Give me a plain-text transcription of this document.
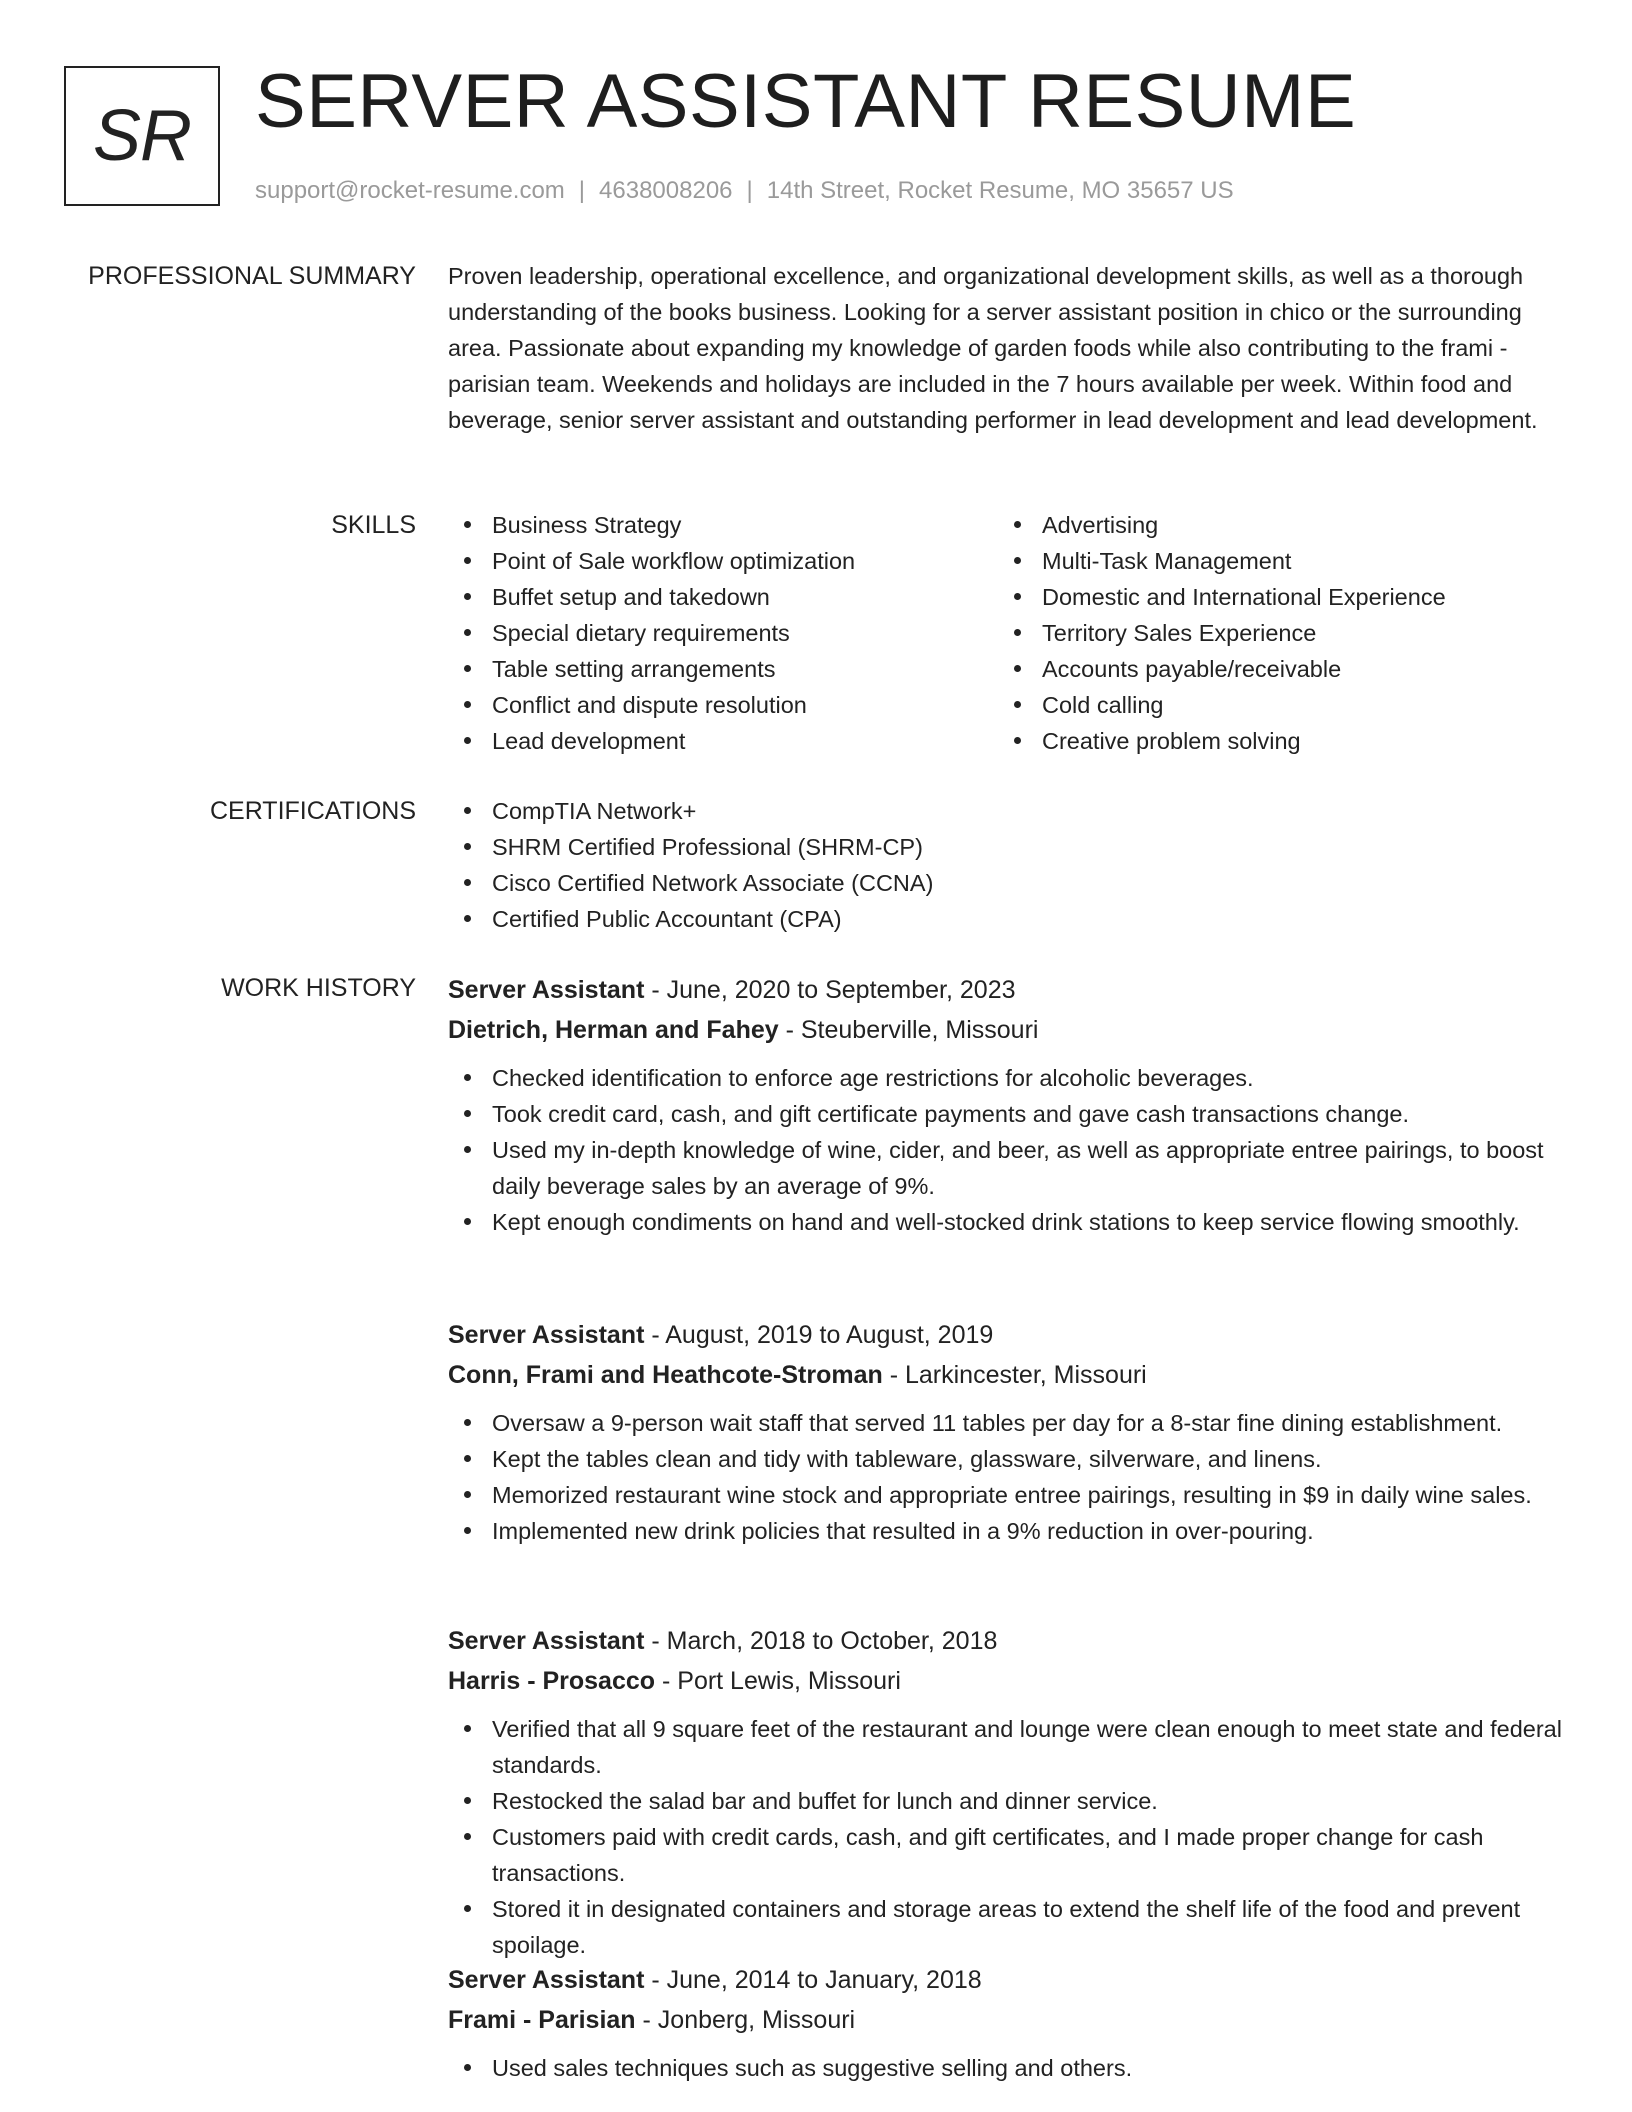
SR SERVER ASSISTANT RESUME
support@rocket-resume.com | 4638008206 | 14th Street, Rocket Resume, MO 35657 US
PROFESSIONAL SUMMARY Proven leadership, operational excellence, and organizational development skills, as well as a thorough understanding of the books business. Looking for a server assistant position in chico or the surrounding area. Passionate about expanding my knowledge of garden foods while also contributing to the frami - parisian team. Weekends and holidays are included in the 7 hours available per week. Within food and beverage, senior server assistant and outstanding performer in lead development and lead development.

SKILLS	Business Strategy
Point of Sale workflow optimization
Buffet setup and takedown
Special dietary requirements
Table setting arrangements
Conflict and dispute resolution
Lead development
Advertising
Multi-Task Management
Domestic and International Experience
Territory Sales Experience
Accounts payable/receivable
Cold calling
Creative problem solving
CERTIFICATIONS	CompTIA Network+
SHRM Certified Professional (SHRM-CP)
Cisco Certified Network Associate (CCNA)
Certified Public Accountant (CPA)
WORK HISTORY Server Assistant - June, 2020 to September, 2023
Dietrich, Herman and Fahey - Steuberville, Missouri
Checked identification to enforce age restrictions for alcoholic beverages.
Took credit card, cash, and gift certificate payments and gave cash transactions change.
Used my in-depth knowledge of wine, cider, and beer, as well as appropriate entree pairings, to boost daily beverage sales by an average of 9%.
Kept enough condiments on hand and well-stocked drink stations to keep service flowing smoothly.
Server Assistant - August, 2019 to August, 2019
Conn, Frami and Heathcote-Stroman - Larkincester, Missouri
Oversaw a 9-person wait staff that served 11 tables per day for a 8-star fine dining establishment.
Kept the tables clean and tidy with tableware, glassware, silverware, and linens.
Memorized restaurant wine stock and appropriate entree pairings, resulting in $9 in daily wine sales.
Implemented new drink policies that resulted in a 9% reduction in over-pouring.
Server Assistant - March, 2018 to October, 2018
Harris - Prosacco - Port Lewis, Missouri
Verified that all 9 square feet of the restaurant and lounge were clean enough to meet state and federal standards.
Restocked the salad bar and buffet for lunch and dinner service.
Customers paid with credit cards, cash, and gift certificates, and I made proper change for cash transactions.
Stored it in designated containers and storage areas to extend the shelf life of the food and prevent spoilage.
Server Assistant - June, 2014 to January, 2018
Frami - Parisian - Jonberg, Missouri
Used sales techniques such as suggestive selling and others.
